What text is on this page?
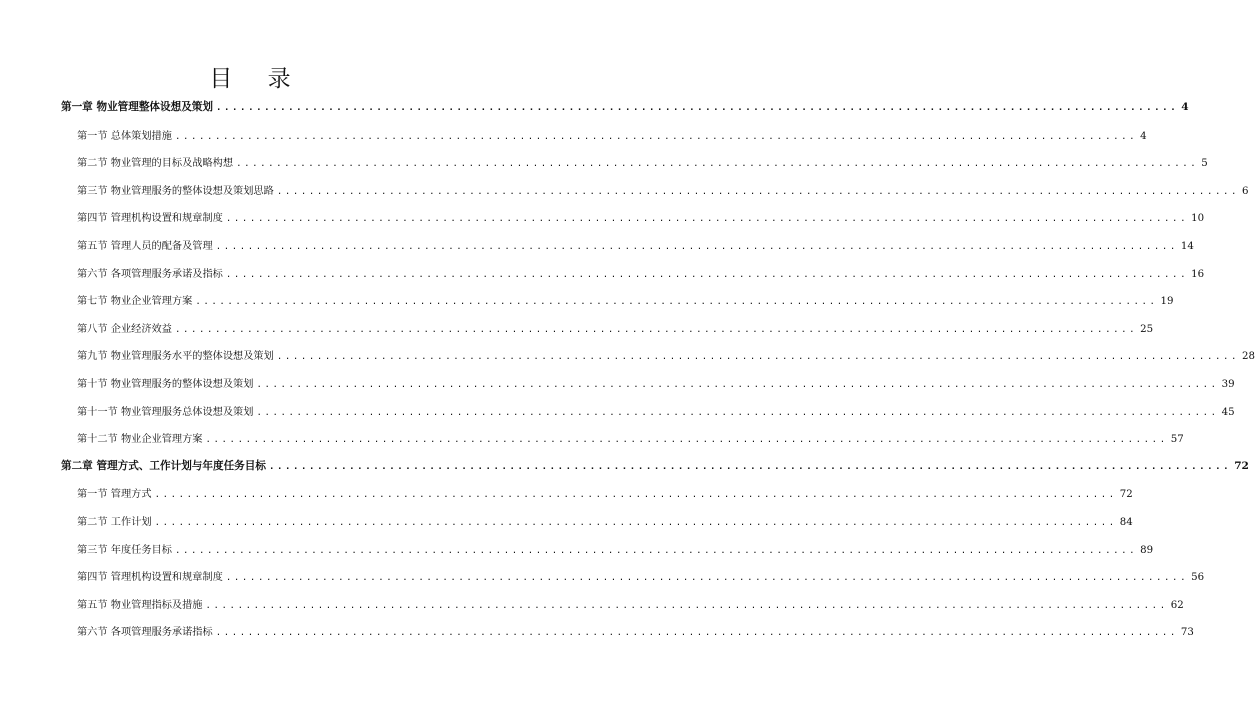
目 录
第一章 物业管理整体设想及策划 ........................................................................................................................ 4
第一节 总体策划措施 ........................................................................................................................ 4
第二节 物业管理的目标及战略构想 ........................................................................................................................ 5
第三节 物业管理服务的整体设想及策划思路 ........................................................................................................................ 6
第四节 管理机构设置和规章制度 ........................................................................................................................ 10
第五节 管理人员的配备及管理 ........................................................................................................................ 14
第六节 各项管理服务承诺及指标 ........................................................................................................................ 16
第七节 物业企业管理方案 ........................................................................................................................ 19
第八节 企业经济效益 ........................................................................................................................ 25
第九节 物业管理服务水平的整体设想及策划 ........................................................................................................................ 28
第十节 物业管理服务的整体设想及策划 ........................................................................................................................ 39
第十一节 物业管理服务总体设想及策划 ........................................................................................................................ 45
第十二节 物业企业管理方案 ........................................................................................................................ 57
第二章 管理方式、工作计划与年度任务目标 ........................................................................................................................ 72
第一节 管理方式 ........................................................................................................................ 72
第二节 工作计划 ........................................................................................................................ 84
第三节 年度任务目标 ........................................................................................................................ 89
第四节 管理机构设置和规章制度 ........................................................................................................................ 56
第五节 物业管理指标及措施 ........................................................................................................................ 62
第六节 各项管理服务承诺指标 ........................................................................................................................ 73
